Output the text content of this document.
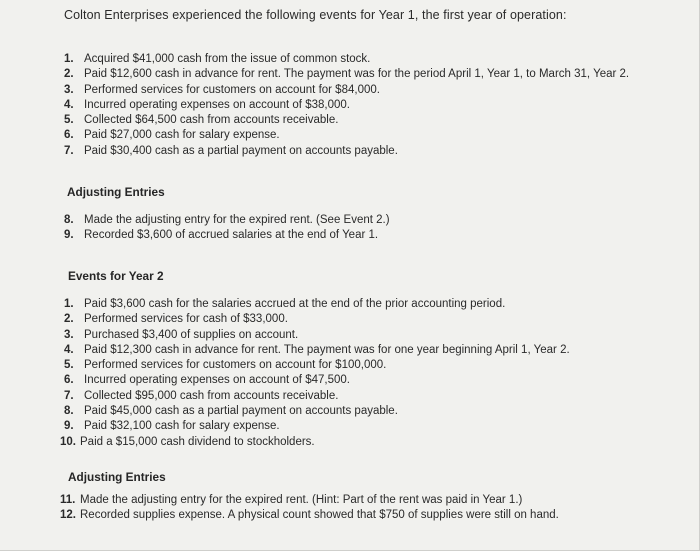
Colton Enterprises experienced the following events for Year 1, the first year of operation:
1. Acquired $41,000 cash from the issue of common stock.
2. Paid $12,600 cash in advance for rent. The payment was for the period April 1, Year 1, to March 31, Year 2.
3. Performed services for customers on account for $84,000.
4. Incurred operating expenses on account of $38,000.
5. Collected $64,500 cash from accounts receivable.
6. Paid $27,000 cash for salary expense.
7. Paid $30,400 cash as a partial payment on accounts payable.
Adjusting Entries
8. Made the adjusting entry for the expired rent. (See Event 2.)
9. Recorded $3,600 of accrued salaries at the end of Year 1.
Events for Year 2
1. Paid $3,600 cash for the salaries accrued at the end of the prior accounting period.
2. Performed services for cash of $33,000.
3. Purchased $3,400 of supplies on account.
4. Paid $12,300 cash in advance for rent. The payment was for one year beginning April 1, Year 2.
5. Performed services for customers on account for $100,000.
6. Incurred operating expenses on account of $47,500.
7. Collected $95,000 cash from accounts receivable.
8. Paid $45,000 cash as a partial payment on accounts payable.
9. Paid $32,100 cash for salary expense.
10. Paid a $15,000 cash dividend to stockholders.
Adjusting Entries
11. Made the adjusting entry for the expired rent. (Hint: Part of the rent was paid in Year 1.)
12. Recorded supplies expense. A physical count showed that $750 of supplies were still on hand.
